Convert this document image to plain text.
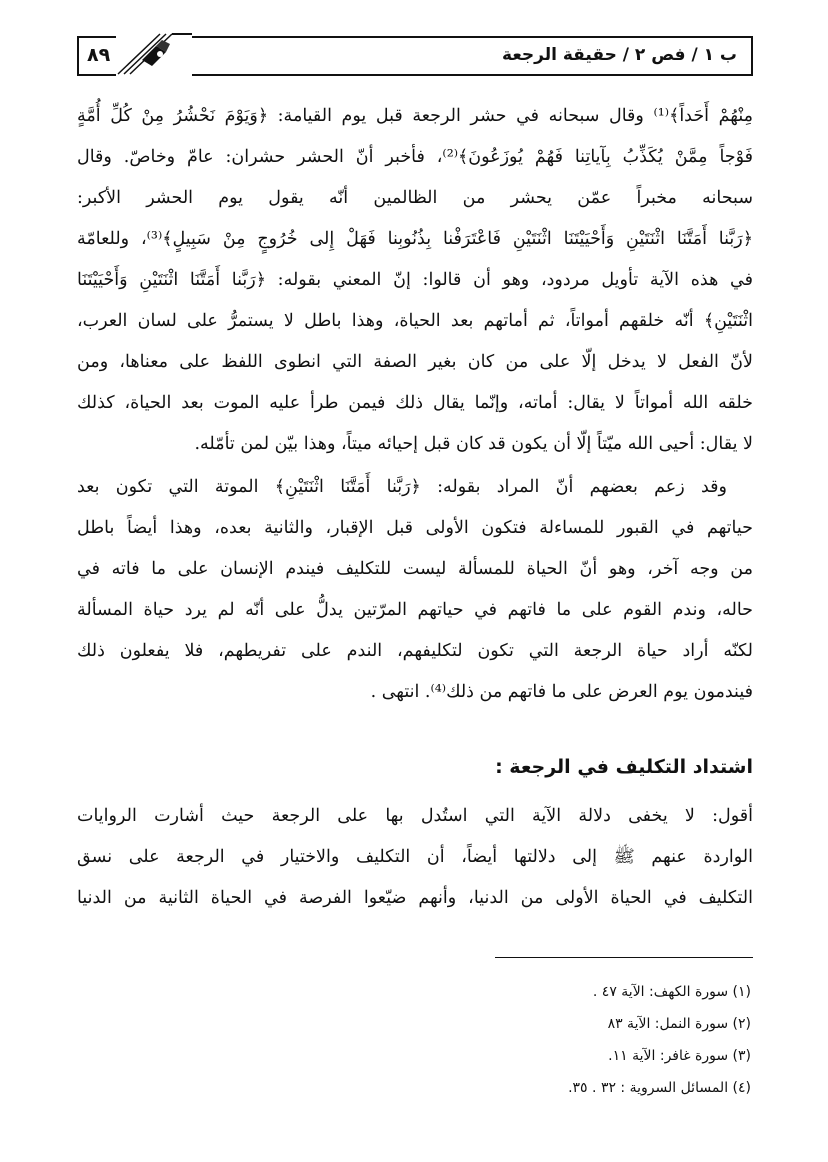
ب ١ / فص ٢ / حقيقة الرجعة
٨٩
مِنْهُمْ أَحَداً﴾⁽¹⁾ وقال سبحانه في حشر الرجعة قبل يوم القيامة: ﴿وَيَوْمَ نَحْشُرُ مِنْ كُلِّ أُمَّةٍ
فَوْجاً مِمَّنْ يُكَذِّبُ بِآياتِنا فَهُمْ يُوزَعُونَ﴾⁽²⁾، فأخبر أنّ الحشر حشران: عامّ وخاصّ. وقال
سبحانه مخبراً عمّن يحشر من الظالمين أنّه يقول يوم الحشر الأكبر:
﴿رَبَّنا أَمَتَّنَا اثْنَتَيْنِ وَأَحْيَيْتَنَا اثْنَتَيْنِ فَاعْتَرَفْنا بِذُنُوبِنا فَهَلْ إِلى خُرُوجٍ مِنْ سَبِيلٍ﴾⁽³⁾، وللعامّة
في هذه الآية تأويل مردود، وهو أن قالوا: إنّ المعني بقوله: ﴿رَبَّنا أَمَتَّنَا اثْنَتَيْنِ وَأَحْيَيْتَنَا
اثْنَتَيْنِ﴾ أنّه خلقهم أمواتاً، ثم أماتهم بعد الحياة، وهذا باطل لا يستمرُّ على لسان العرب،
لأنّ الفعل لا يدخل إلّا على من كان بغير الصفة التي انطوى اللفظ على معناها، ومن
خلقه الله أمواتاً لا يقال: أماته، وإنّما يقال ذلك فيمن طرأ عليه الموت بعد الحياة، كذلك
لا يقال: أحيى الله ميّتاً إلّا أن يكون قد كان قبل إحيائه ميتاً، وهذا بيّن لمن تأمّله.
وقد زعم بعضهم أنّ المراد بقوله: ﴿رَبَّنا أَمَتَّنَا اثْنَتَيْنِ﴾ الموتة التي تكون بعد
حياتهم في القبور للمساءلة فتكون الأولى قبل الإقبار، والثانية بعده، وهذا أيضاً باطل
من وجه آخر، وهو أنّ الحياة للمسألة ليست للتكليف فيندم الإنسان على ما فاته في
حاله، وندم القوم على ما فاتهم في حياتهم المرّتين يدلُّ على أنّه لم يرد حياة المسألة
لكنّه أراد حياة الرجعة التي تكون لتكليفهم، الندم على تفريطهم، فلا يفعلون ذلك
فيندمون يوم العرض على ما فاتهم من ذلك⁽⁴⁾. انتهى .
اشتداد التكليف في الرجعة :
أقول: لا يخفى دلالة الآية التي استُدل بها على الرجعة حيث أشارت الروايات
الواردة عنهم ﷺ إلى دلالتها أيضاً، أن التكليف والاختيار في الرجعة على نسق
التكليف في الحياة الأولى من الدنيا، وأنهم ضيّعوا الفرصة في الحياة الثانية من الدنيا
(١) سورة الكهف: الآية ٤٧ .
(٢) سورة النمل: الآية ٨٣
(٣) سورة غافر: الآية ١١.
(٤) المسائل السروية : ٣٢ . ٣٥.
